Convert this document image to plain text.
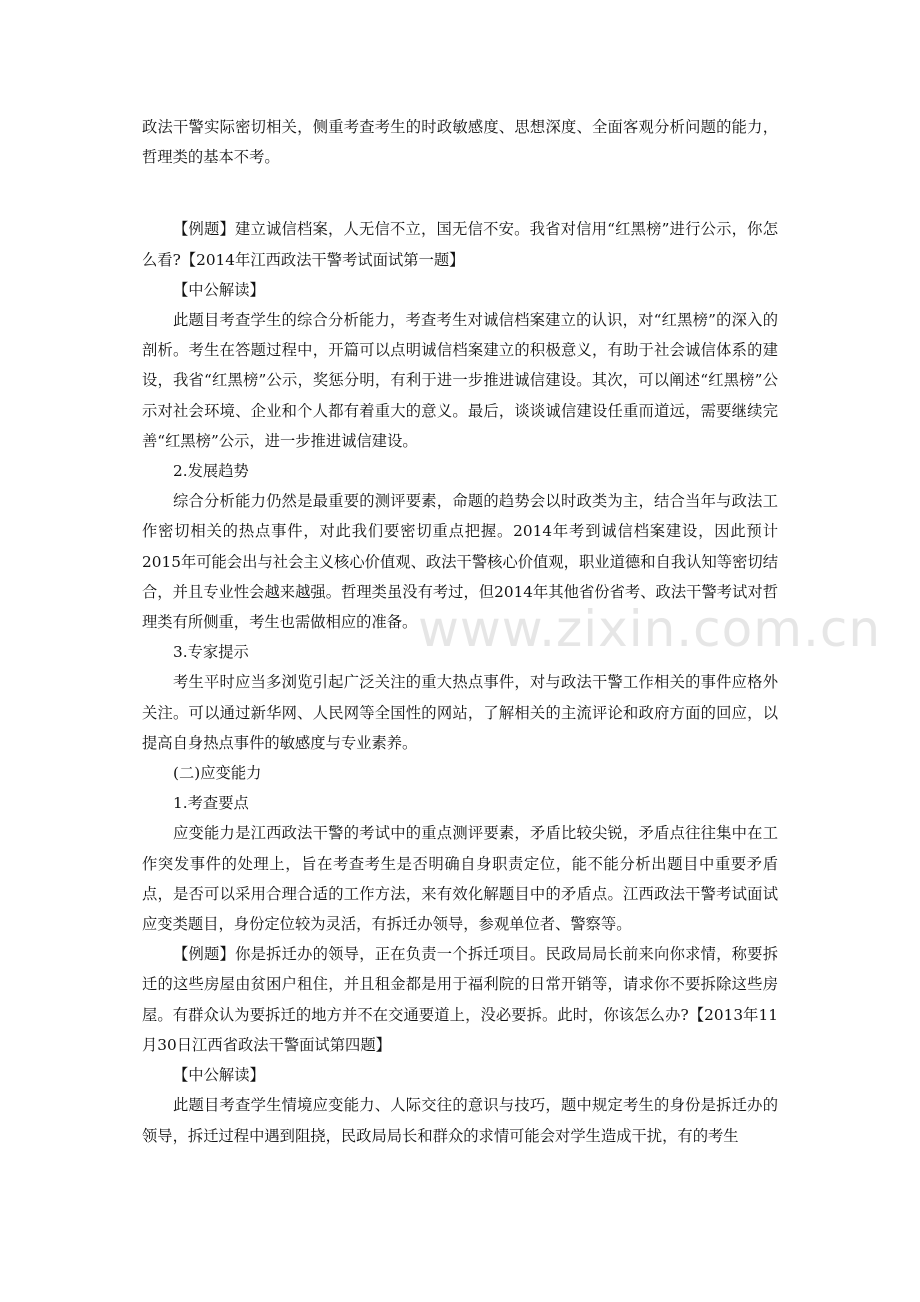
www.zixin.com.cn

政法干警实际密切相关，侧重考查考生的时政敏感度、思想深度、全面客观分析问题的能力，哲理类的基本不考。

【例题】建立诚信档案，人无信不立，国无信不安。我省对信用“红黑榜”进行公示，你怎么看?【2014年江西政法干警考试面试第一题】

【中公解读】

此题目考查学生的综合分析能力，考查考生对诚信档案建立的认识，对“红黑榜”的深入的剖析。考生在答题过程中，开篇可以点明诚信档案建立的积极意义，有助于社会诚信体系的建设，我省“红黑榜”公示，奖惩分明，有利于进一步推进诚信建设。其次，可以阐述“红黑榜”公示对社会环境、企业和个人都有着重大的意义。最后，谈谈诚信建设任重而道远，需要继续完善“红黑榜”公示，进一步推进诚信建设。

2.发展趋势

综合分析能力仍然是最重要的测评要素，命题的趋势会以时政类为主，结合当年与政法工作密切相关的热点事件，对此我们要密切重点把握。2014年考到诚信档案建设，因此预计2015年可能会出与社会主义核心价值观、政法干警核心价值观，职业道德和自我认知等密切结合，并且专业性会越来越强。哲理类虽没有考过，但2014年其他省份省考、政法干警考试对哲理类有所侧重，考生也需做相应的准备。

3.专家提示

考生平时应当多浏览引起广泛关注的重大热点事件，对与政法干警工作相关的事件应格外关注。可以通过新华网、人民网等全国性的网站，了解相关的主流评论和政府方面的回应，以提高自身热点事件的敏感度与专业素养。

(二)应变能力

1.考查要点

应变能力是江西政法干警的考试中的重点测评要素，矛盾比较尖锐，矛盾点往往集中在工作突发事件的处理上，旨在考查考生是否明确自身职责定位，能不能分析出题目中重要矛盾点，是否可以采用合理合适的工作方法，来有效化解题目中的矛盾点。江西政法干警考试面试应变类题目，身份定位较为灵活，有拆迁办领导，参观单位者、警察等。

【例题】你是拆迁办的领导，正在负责一个拆迁项目。民政局局长前来向你求情，称要拆迁的这些房屋由贫困户租住，并且租金都是用于福利院的日常开销等，请求你不要拆除这些房屋。有群众认为要拆迁的地方并不在交通要道上，没必要拆。此时，你该怎么办?【2013年11月30日江西省政法干警面试第四题】

【中公解读】

此题目考查学生情境应变能力、人际交往的意识与技巧，题中规定考生的身份是拆迁办的领导，拆迁过程中遇到阻挠，民政局局长和群众的求情可能会对学生造成干扰，有的考生
